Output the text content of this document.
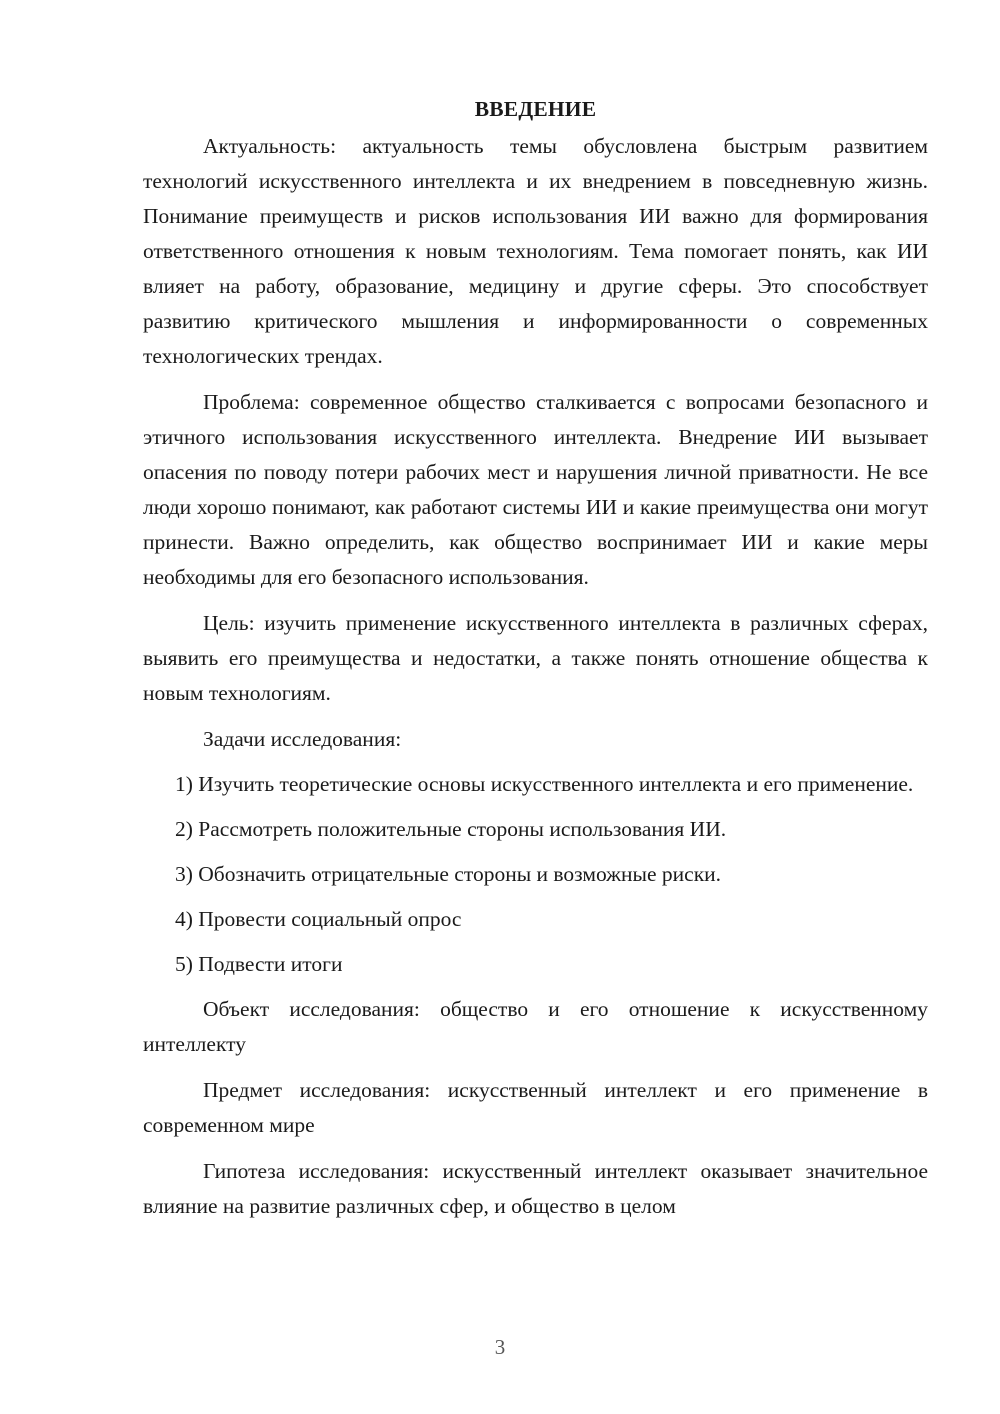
ВВЕДЕНИЕ

Актуальность: актуальность темы обусловлена быстрым развитием технологий искусственного интеллекта и их внедрением в повседневную жизнь. Понимание преимуществ и рисков использования ИИ важно для формирования ответственного отношения к новым технологиям. Тема помогает понять, как ИИ влияет на работу, образование, медицину и другие сферы. Это способствует развитию критического мышления и информированности о современных технологических трендах.

Проблема: современное общество сталкивается с вопросами безопасного и этичного использования искусственного интеллекта. Внедрение ИИ вызывает опасения по поводу потери рабочих мест и нарушения личной приватности. Не все люди хорошо понимают, как работают системы ИИ и какие преимущества они могут принести. Важно определить, как общество воспринимает ИИ и какие меры необходимы для его безопасного использования.

Цель: изучить применение искусственного интеллекта в различных сферах, выявить его преимущества и недостатки, а также понять отношение общества к новым технологиям.

Задачи исследования:

1) Изучить теоретические основы искусственного интеллекта и его применение.

2) Рассмотреть положительные стороны использования ИИ.

3) Обозначить отрицательные стороны и возможные риски.

4) Провести социальный опрос

5) Подвести итоги

Объект исследования: общество и его отношение к искусственному интеллекту

Предмет исследования: искусственный интеллект и его применение в современном мире

Гипотеза исследования: искусственный интеллект оказывает значительное влияние на развитие различных сфер, и общество в целом

3
